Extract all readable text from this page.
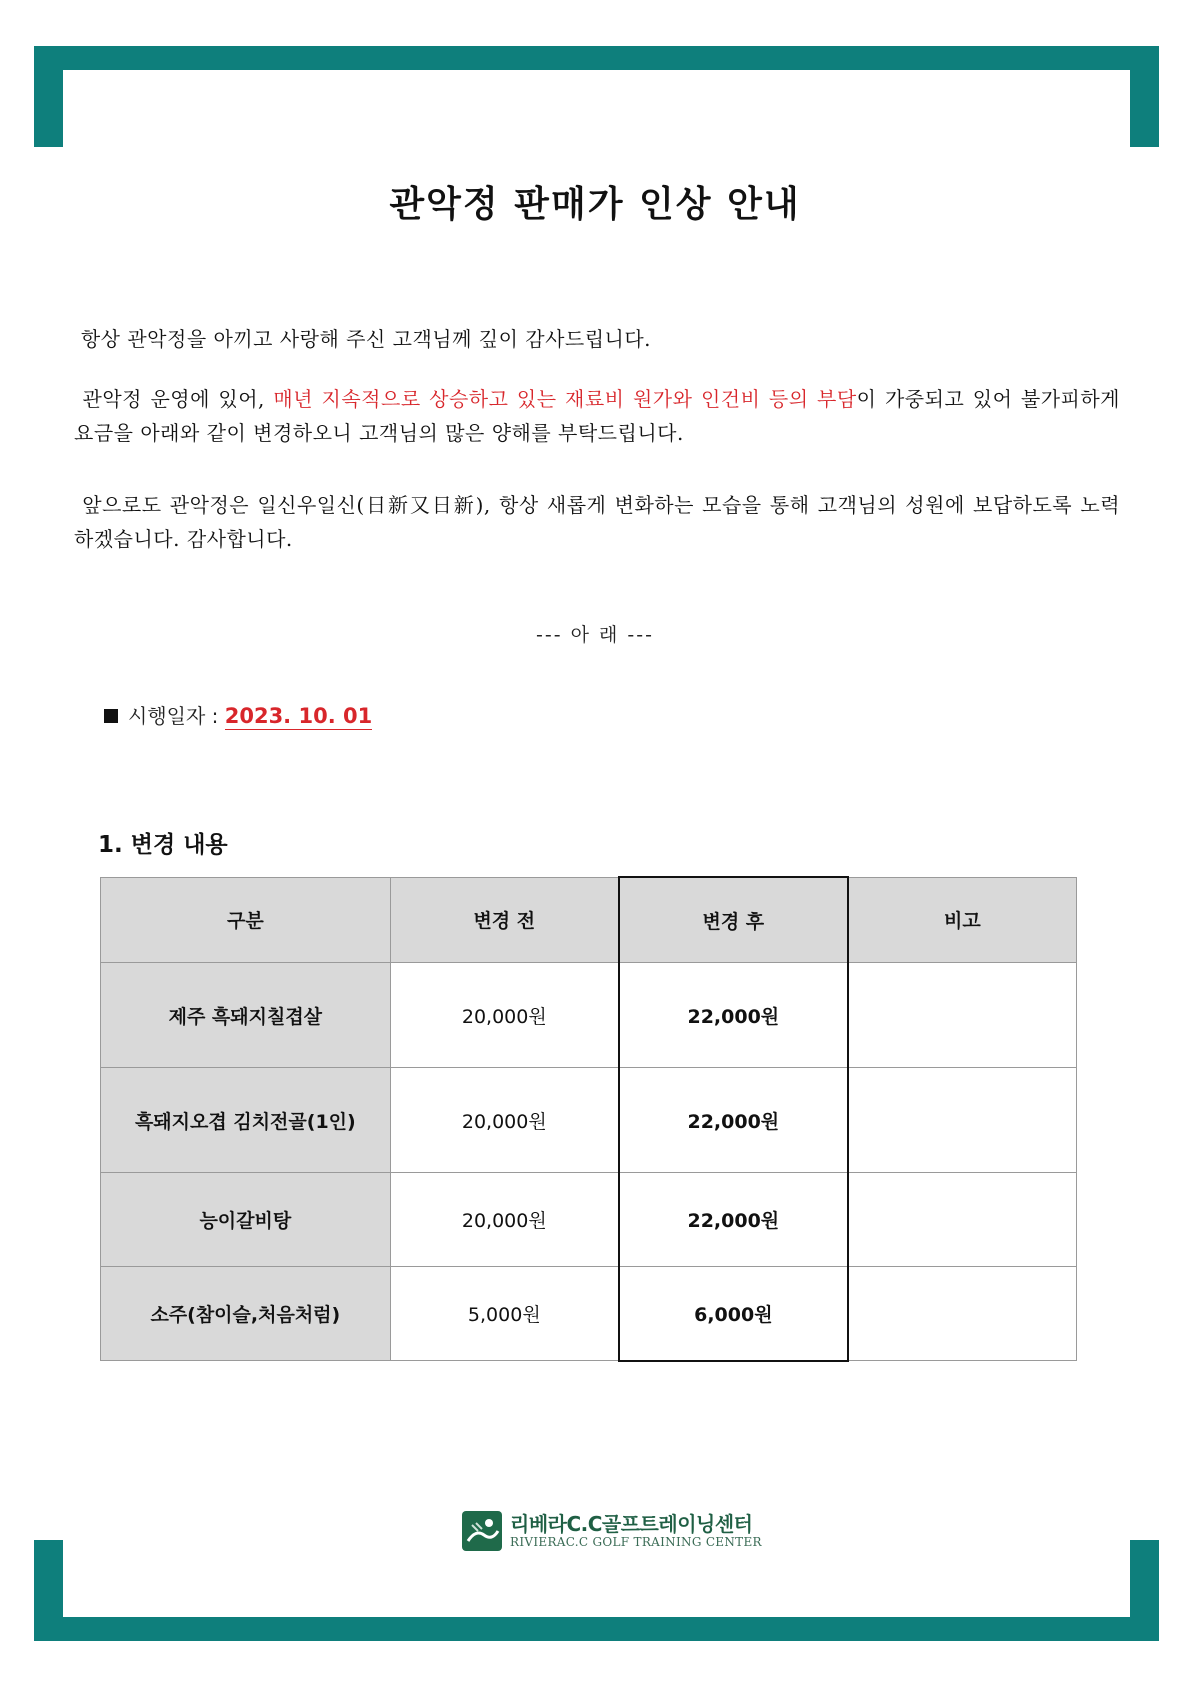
관악정 판매가 인상 안내
항상 관악정을 아끼고 사랑해 주신 고객님께 깊이 감사드립니다.
관악정 운영에 있어, 매년 지속적으로 상승하고 있는 재료비 원가와 인건비 등의 부담이 가중되고 있어 불가피하게 요금을 아래와 같이 변경하오니 고객님의 많은 양해를 부탁드립니다.
앞으로도 관악정은 일신우일신(日新又日新), 항상 새롭게 변화하는 모습을 통해 고객님의 성원에 보답하도록 노력 하겠습니다. 감사합니다.
--- 아 래 ---
시행일자 : 2023. 10. 01
1. 변경 내용
구분	변경 전	변경 후	비고
제주 흑돼지칠겹살	20,000원	22,000원	
흑돼지오겹 김치전골(1인)	20,000원	22,000원	
능이갈비탕	20,000원	22,000원	
소주(참이슬,처음처럼)	5,000원	6,000원	
리베라C.C골프트레이닝센터
RIVIERAC.C GOLF TRAINING CENTER
